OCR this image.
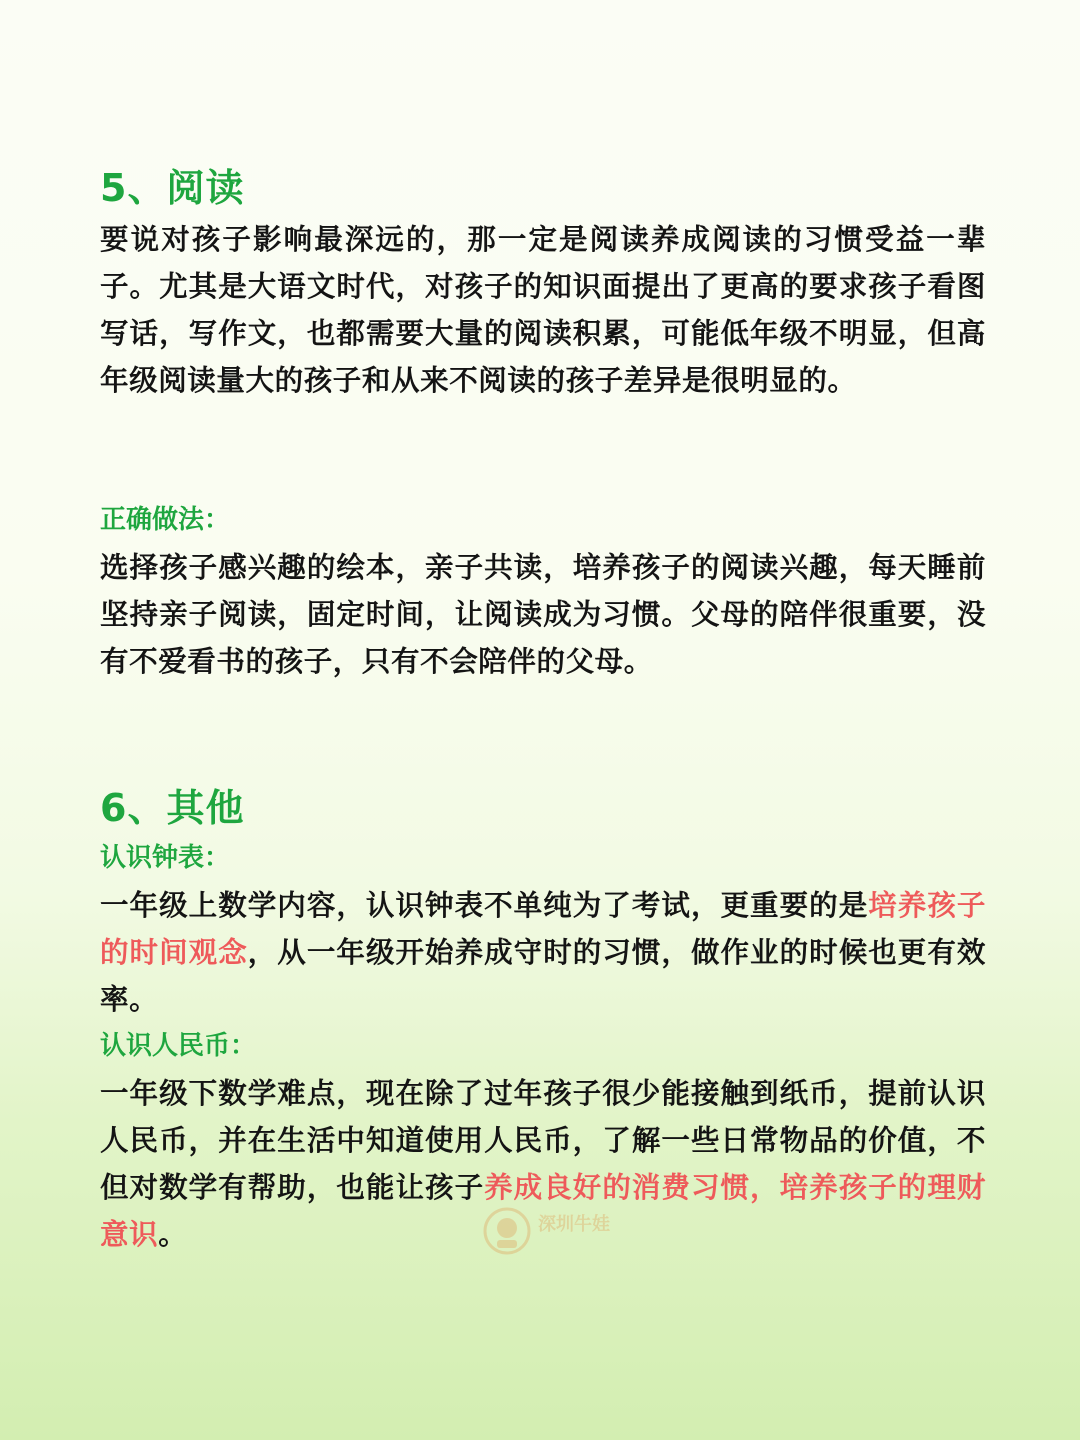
5、阅读

要说对孩子影响最深远的，那一定是阅读养成阅读的习惯受益一辈子。尤其是大语文时代，对孩子的知识面提出了更高的要求孩子看图写话，写作文，也都需要大量的阅读积累，可能低年级不明显，但高年级阅读量大的孩子和从来不阅读的孩子差异是很明显的。

正确做法：

选择孩子感兴趣的绘本，亲子共读，培养孩子的阅读兴趣，每天睡前坚持亲子阅读，固定时间，让阅读成为习惯。父母的陪伴很重要，没有不爱看书的孩子，只有不会陪伴的父母。

6、其他
认识钟表：

一年级上数学内容，认识钟表不单纯为了考试，更重要的是培养孩子的时间观念，从一年级开始养成守时的习惯，做作业的时候也更有效率。

认识人民币：

一年级下数学难点，现在除了过年孩子很少能接触到纸币，提前认识人民币，并在生活中知道使用人民币，了解一些日常物品的价值，不但对数学有帮助，也能让孩子养成良好的消费习惯，培养孩子的理财意识。	深圳牛娃
